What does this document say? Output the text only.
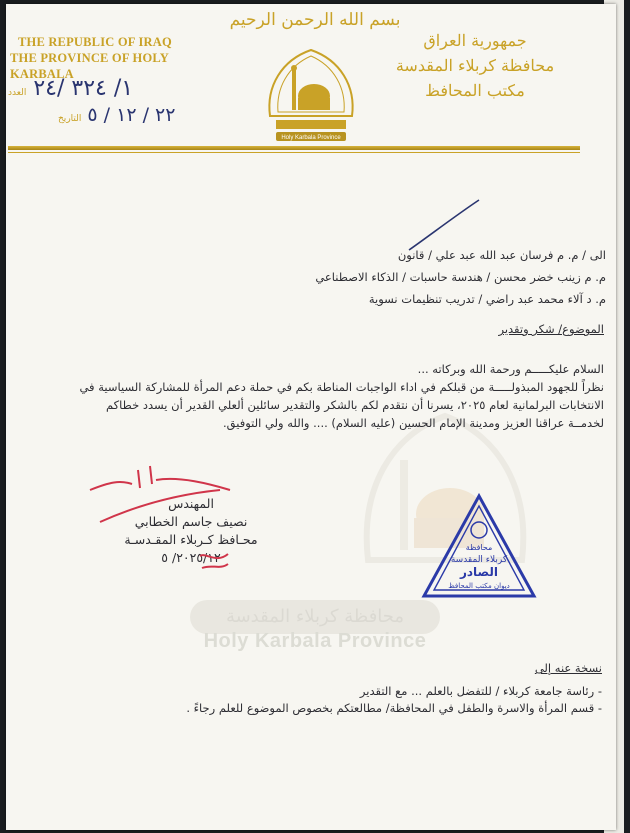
بسم الله الرحمن الرحيم
THE REPUBLIC OF IRAQ
THE PROVINCE OF HOLY KARBALA
جمهورية العراق
محافظة كربلاء المقدسة
مكتب المحافظ
١/ ٣٢٤ /٢٤ العدد
٢٢ / ١٢ / ٥ التاريخ
Holy Karbala Province
الى / م. م فرسان عبد الله عبد علي / قانون
م. م زينب خضر محسن / هندسة حاسبات / الذكاء الاصطناعي
م. د آلاء محمد عبد راضي / تدريب تنظيمات نسوية
الموضوع/ شكر وتقدير
محافظة كربلاء المقدسة
Holy Karbala Province
السلام عليكـــــم ورحمة الله وبركاته ...
نظراً للجهود المبذولـــــة من قبلكم في اداء الواجبات المناطة بكم في حملة دعم المرأة للمشاركة السياسية في
الانتخابات البرلمانية لعام ٢٠٢٥، يسرنا أن نتقدم لكم بالشكر والتقدير سائلين ألعلي القدير أن يسدد خطاكم
لخدمــة عراقنا العزيز ومدينة الإمام الحسين (عليه السلام) .... والله ولي التوفيق.
المهندس
نصيف جاسم الخطابي
محـافظ كـربلاء المقـدسـة
٢٠٢٥/١٢/ ٥
محافظة
كربلاء المقدسة
الصادر
ديوان مكتب المحافظ
نسخة عنه إلى
- رئاسة جامعة كربلاء / للتفضل بالعلم ... مع التقدير
- قسم المرأة والاسرة والطفل في المحافظة/ مطالعتكم بخصوص الموضوع للعلم رجاءً .
